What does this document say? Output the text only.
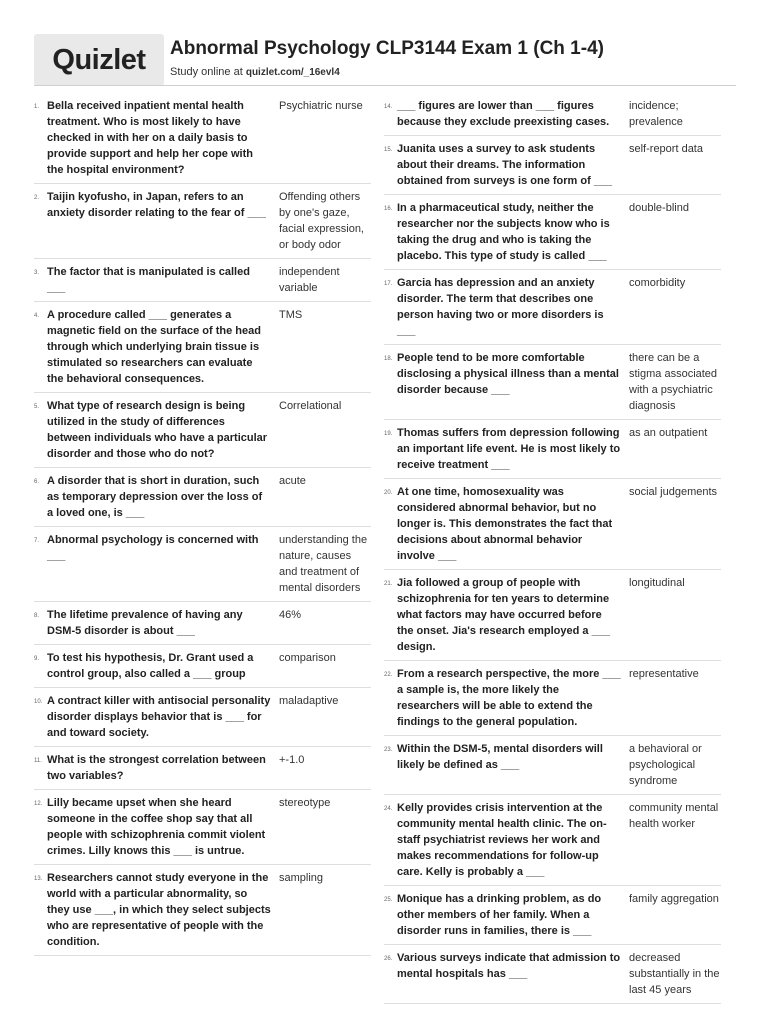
Quizlet	Abnormal Psychology CLP3144 Exam 1 (Ch 1-4)
Study online at quizlet.com/_16evl4
1. Bella received inpatient mental health treatment. Who is most likely to have checked in with her on a daily basis to provide support and help her cope with the hospital environment?
Psychiatric nurse
2. Taijin kyofusho, in Japan, refers to an anxiety disorder relating to the fear of ___
Offending others by one's gaze, facial expression, or body odor
3. The factor that is manipulated is called ___
independent variable
4. A procedure called ___ generates a magnetic field on the surface of the head through which underlying brain tissue is stimulated so researchers can evaluate the behavioral consequences.
TMS
5. What type of research design is being utilized in the study of differences between individuals who have a particular disorder and those who do not?
Correlational
6. A disorder that is short in duration, such as temporary depression over the loss of a loved one, is ___
acute
7. Abnormal psychology is concerned with ___
understanding the nature, causes and treatment of mental disorders
8. The lifetime prevalence of having any DSM-5 disorder is about ___
46%
9. To test his hypothesis, Dr. Grant used a control group, also called a ___ group
comparison
10. A contract killer with antisocial personality disorder displays behavior that is ___ for and toward society.
maladaptive
11. What is the strongest correlation between two variables?
+-1.0
12. Lilly became upset when she heard someone in the coffee shop say that all people with schizophrenia commit violent crimes. Lilly knows this ___ is untrue.
stereotype
13. Researchers cannot study everyone in the world with a particular abnormality, so they use ___, in which they select subjects who are representative of people with the condition.
sampling
14. ___ figures are lower than ___ figures because they exclude preexisting cases.
incidence; prevalence
15. Juanita uses a survey to ask students about their dreams. The information obtained from surveys is one form of ___
self-report data
16. In a pharmaceutical study, neither the researcher nor the subjects know who is taking the drug and who is taking the placebo. This type of study is called ___
double-blind
17. Garcia has depression and an anxiety disorder. The term that describes one person having two or more disorders is ___
comorbidity
18. People tend to be more comfortable disclosing a physical illness than a mental disorder because ___
there can be a stigma associated with a psychiatric diagnosis
19. Thomas suffers from depression following an important life event. He is most likely to receive treatment ___
as an outpatient
20. At one time, homosexuality was considered abnormal behavior, but no longer is. This demonstrates the fact that decisions about abnormal behavior involve ___
social judgements
21. Jia followed a group of people with schizophrenia for ten years to determine what factors may have occurred before the onset. Jia's research employed a ___ design.
longitudinal
22. From a research perspective, the more ___ a sample is, the more likely the researchers will be able to extend the findings to the general population.
representative
23. Within the DSM-5, mental disorders will likely be defined as ___
a behavioral or psychological syndrome
24. Kelly provides crisis intervention at the community mental health clinic. The on-staff psychiatrist reviews her work and makes recommendations for follow-up care. Kelly is probably a ___
community mental health worker
25. Monique has a drinking problem, as do other members of her family. When a disorder runs in families, there is ___
family aggregation
26. Various surveys indicate that admission to mental hospitals has ___
decreased substantially in the last 45 years
